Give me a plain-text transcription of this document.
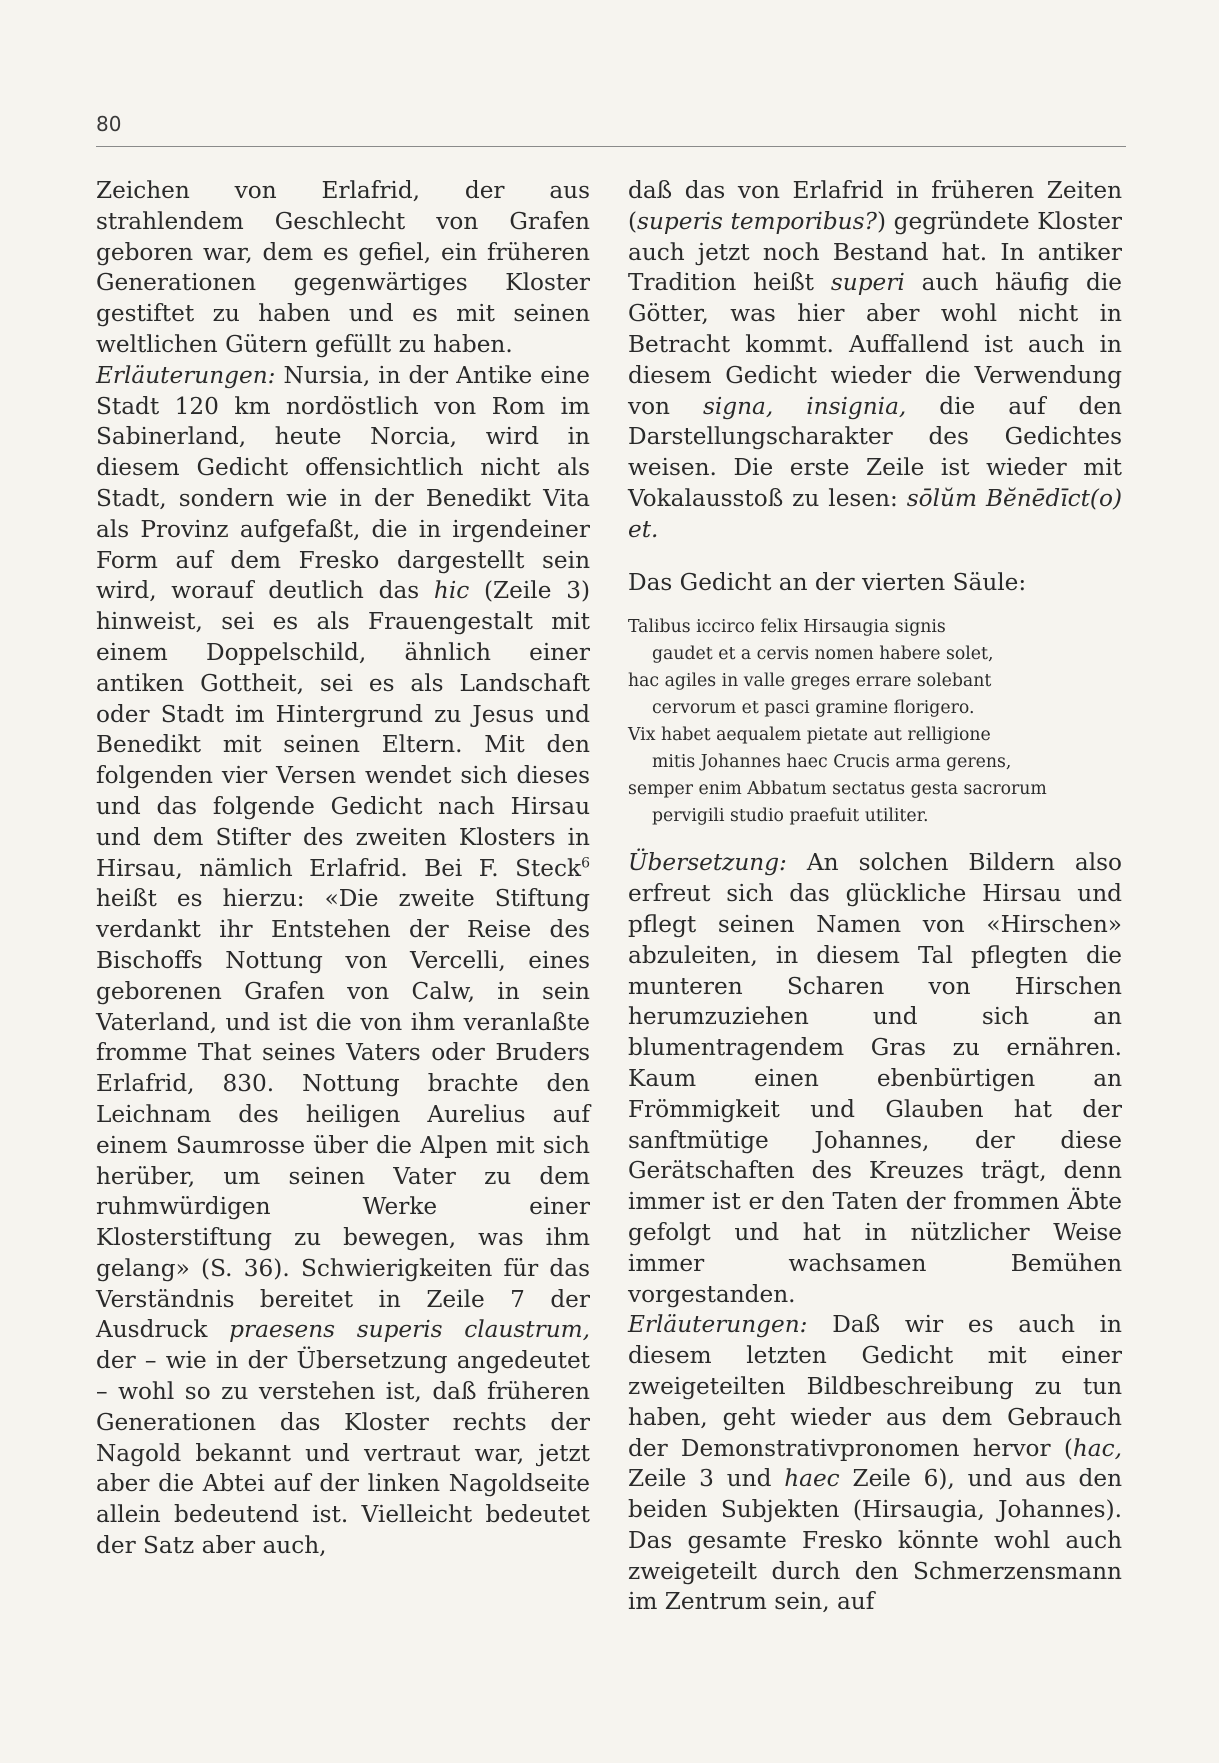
80

Zeichen von Erlafrid, der aus strahlendem Geschlecht von Grafen geboren war, dem es gefiel, ein früheren Generationen gegenwärtiges Kloster gestiftet zu haben und es mit seinen weltlichen Gütern gefüllt zu haben.

Erläuterungen: Nursia, in der Antike eine Stadt 120 km nordöstlich von Rom im Sabinerland, heute Norcia, wird in diesem Gedicht offensichtlich nicht als Stadt, sondern wie in der Benedikt Vita als Provinz aufgefaßt, die in irgendeiner Form auf dem Fresko dargestellt sein wird, worauf deutlich das hic (Zeile 3) hinweist, sei es als Frauengestalt mit einem Doppelschild, ähnlich einer antiken Gottheit, sei es als Landschaft oder Stadt im Hintergrund zu Jesus und Benedikt mit seinen Eltern. Mit den folgenden vier Versen wendet sich dieses und das folgende Gedicht nach Hirsau und dem Stifter des zweiten Klosters in Hirsau, nämlich Erlafrid. Bei F. Steck$^6$ heißt es hierzu: «Die zweite Stiftung verdankt ihr Entstehen der Reise des Bischoffs Nottung von Vercelli, eines geborenen Grafen von Calw, in sein Vaterland, und ist die von ihm veranlaßte fromme That seines Vaters oder Bruders Erlafrid, 830. Nottung brachte den Leichnam des heiligen Aurelius auf einem Saumrosse über die Alpen mit sich herüber, um seinen Vater zu dem ruhmwürdigen Werke einer Klosterstiftung zu bewegen, was ihm gelang» (S. 36). Schwierigkeiten für das Verständnis bereitet in Zeile 7 der Ausdruck praesens superis claustrum, der – wie in der Übersetzung angedeutet – wohl so zu verstehen ist, daß früheren Generationen das Kloster rechts der Nagold bekannt und vertraut war, jetzt aber die Abtei auf der linken Nagoldseite allein bedeutend ist. Vielleicht bedeutet der Satz aber auch,

daß das von Erlafrid in früheren Zeiten (superis temporibus?) gegründete Kloster auch jetzt noch Bestand hat. In antiker Tradition heißt superi auch häufig die Götter, was hier aber wohl nicht in Betracht kommt. Auffallend ist auch in diesem Gedicht wieder die Verwendung von signa, insignia, die auf den Darstellungscharakter des Gedichtes weisen. Die erste Zeile ist wieder mit Vokalausstoß zu lesen: sōlŭm Bĕnēdīct(o) et.

Das Gedicht an der vierten Säule:

Talibus iccirco felix Hirsaugia signis
gaudet et a cervis nomen habere solet,
hac agiles in valle greges errare solebant
cervorum et pasci gramine florigero.
Vix habet aequalem pietate aut relligione
mitis Johannes haec Crucis arma gerens,
semper enim Abbatum sectatus gesta sacrorum
pervigili studio praefuit utiliter.

Übersetzung: An solchen Bildern also erfreut sich das glückliche Hirsau und pflegt seinen Namen von «Hirschen» abzuleiten, in diesem Tal pflegten die munteren Scharen von Hirschen herumzuziehen und sich an blumentragendem Gras zu ernähren. Kaum einen ebenbürtigen an Frömmigkeit und Glauben hat der sanftmütige Johannes, der diese Gerätschaften des Kreuzes trägt, denn immer ist er den Taten der frommen Äbte gefolgt und hat in nützlicher Weise immer wachsamen Bemühen vorgestanden.

Erläuterungen: Daß wir es auch in diesem letzten Gedicht mit einer zweigeteilten Bildbeschreibung zu tun haben, geht wieder aus dem Gebrauch der Demonstrativpronomen hervor (hac, Zeile 3 und haec Zeile 6), und aus den beiden Subjekten (Hirsaugia, Johannes). Das gesamte Fresko könnte wohl auch zweigeteilt durch den Schmerzensmann im Zentrum sein, auf
